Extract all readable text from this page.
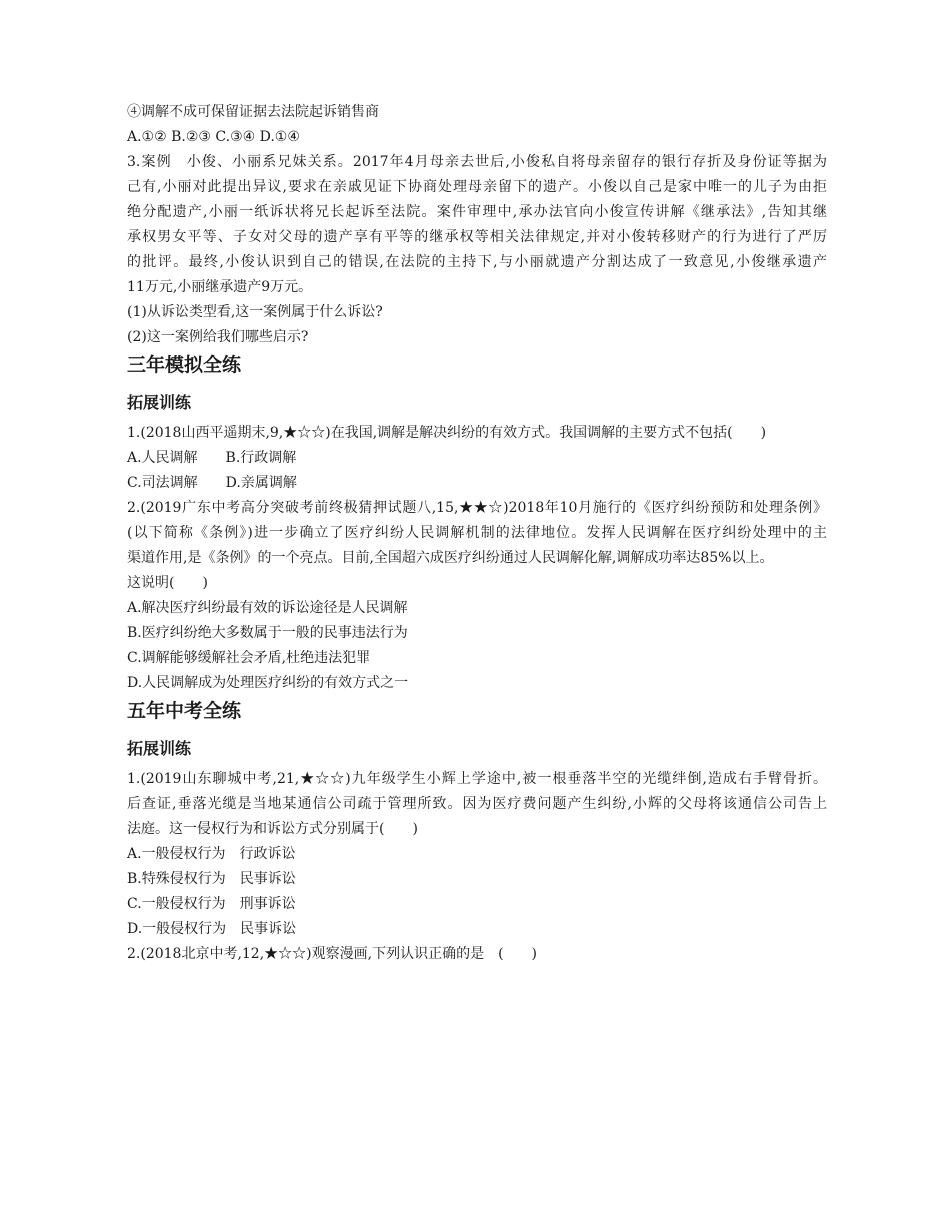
④调解不成可保留证据去法院起诉销售商
A.①② B.②③ C.③④ D.①④
3.案例　小俊、小丽系兄妹关系。2017年4月母亲去世后,小俊私自将母亲留存的银行存折及身份证等据为
己有,小丽对此提出异议,要求在亲戚见证下协商处理母亲留下的遗产。小俊以自己是家中唯一的儿子为由拒
绝分配遗产,小丽一纸诉状将兄长起诉至法院。案件审理中,承办法官向小俊宣传讲解《继承法》,告知其继
承权男女平等、子女对父母的遗产享有平等的继承权等相关法律规定,并对小俊转移财产的行为进行了严厉
的批评。最终,小俊认识到自己的错误,在法院的主持下,与小丽就遗产分割达成了一致意见,小俊继承遗产
11万元,小丽继承遗产9万元。
(1)从诉讼类型看,这一案例属于什么诉讼?
(2)这一案例给我们哪些启示?
三年模拟全练
拓展训练
1.(2018山西平遥期末,9,★☆☆)在我国,调解是解决纠纷的有效方式。我国调解的主要方式不包括(　　)
A.人民调解　　B.行政调解
C.司法调解　　D.亲属调解
2.(2019广东中考高分突破考前终极猜押试题八,15,★★☆)2018年10月施行的《医疗纠纷预防和处理条例》
(以下简称《条例》)进一步确立了医疗纠纷人民调解机制的法律地位。发挥人民调解在医疗纠纷处理中的主
渠道作用,是《条例》的一个亮点。目前,全国超六成医疗纠纷通过人民调解化解,调解成功率达85%以上。
这说明(　　)
A.解决医疗纠纷最有效的诉讼途径是人民调解
B.医疗纠纷绝大多数属于一般的民事违法行为
C.调解能够缓解社会矛盾,杜绝违法犯罪
D.人民调解成为处理医疗纠纷的有效方式之一
五年中考全练
拓展训练
1.(2019山东聊城中考,21,★☆☆)九年级学生小辉上学途中,被一根垂落半空的光缆绊倒,造成右手臂骨折。
后查证,垂落光缆是当地某通信公司疏于管理所致。因为医疗费问题产生纠纷,小辉的父母将该通信公司告上
法庭。这一侵权行为和诉讼方式分别属于(　　)
A.一般侵权行为　行政诉讼
B.特殊侵权行为　民事诉讼
C.一般侵权行为　刑事诉讼
D.一般侵权行为　民事诉讼
2.(2018北京中考,12,★☆☆)观察漫画,下列认识正确的是　(　　)
